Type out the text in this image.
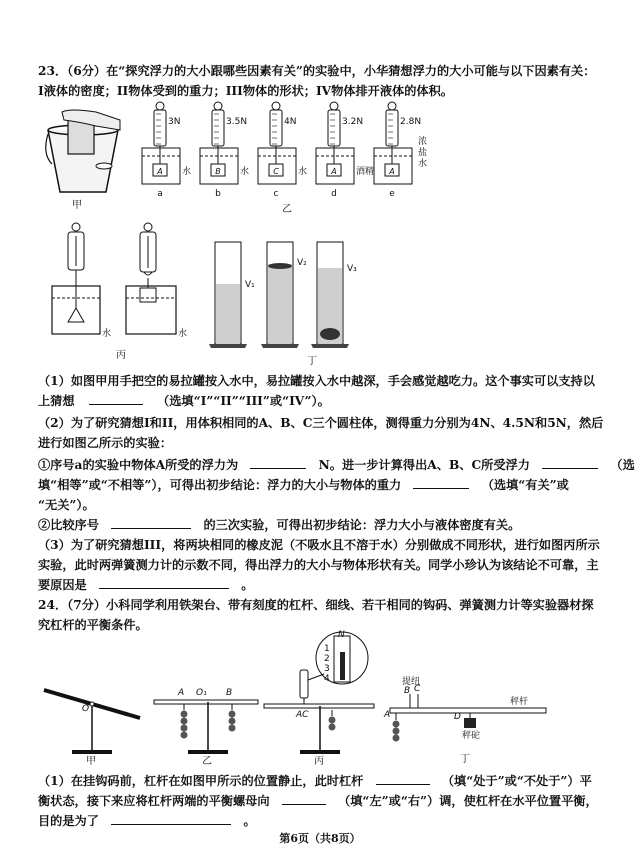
23．（6分）在“探究浮力的大小跟哪些因素有关”的实验中，小华猜想浮力的大小可能与以下因素有关：
I液体的密度；II物体受到的重力；III物体的形状；IV物体排开液体的体积。
甲
3N
A 水
a
3.5N
B 水
b
4N
C 水
c
3.2N
A 酒精
d
2.8N
A
浓
盐
水
e
乙
水	水
丙
V₁
V₂
V₃
丁
（1）如图甲用手把空的易拉罐按入水中，易拉罐按入水中越深，手会感觉越吃力。这个事实可以支持以
上猜想	（选填“I”“II”“III”或“IV”）。
（2）为了研究猜想I和II，用体积相同的A、B、C三个圆柱体，测得重力分别为4N、4.5N和5N，然后
进行如图乙所示的实验：
①序号a的实验中物体A所受的浮力为	N。进一步计算得出A、B、C所受浮力	（选
填“相等”或“不相等”），可得出初步结论：浮力的大小与物体的重力	（选填“有关”或
“无关”）。
②比较序号	的三次实验，可得出初步结论：浮力大小与液体密度有关。
（3）为了研究猜想III，将两块相同的橡皮泥（不吸水且不溶于水）分别做成不同形状，进行如图丙所示
实验，此时两弹簧测力计的示数不同，得出浮力的大小与物体形状有关。同学小珍认为该结论不可靠，主
要原因是	。
24．（7分）小科同学利用铁架台、带有刻度的杠杆、细线、若干相同的钩码、弹簧测力计等实验器材探
究杠杆的平衡条件。
O
A O₁ B
AC
N
1
2
3
4	提纽
B C
秤杆
A	D
秤砣
甲	乙	丙	丁
（1）在挂钩码前，杠杆在如图甲所示的位置静止，此时杠杆	（填“处于”或“不处于”）平
衡状态，接下来应将杠杆两端的平衡螺母向	（填“左”或“右”）调，使杠杆在水平位置平衡，
目的是为了	。
第6页（共8页）
